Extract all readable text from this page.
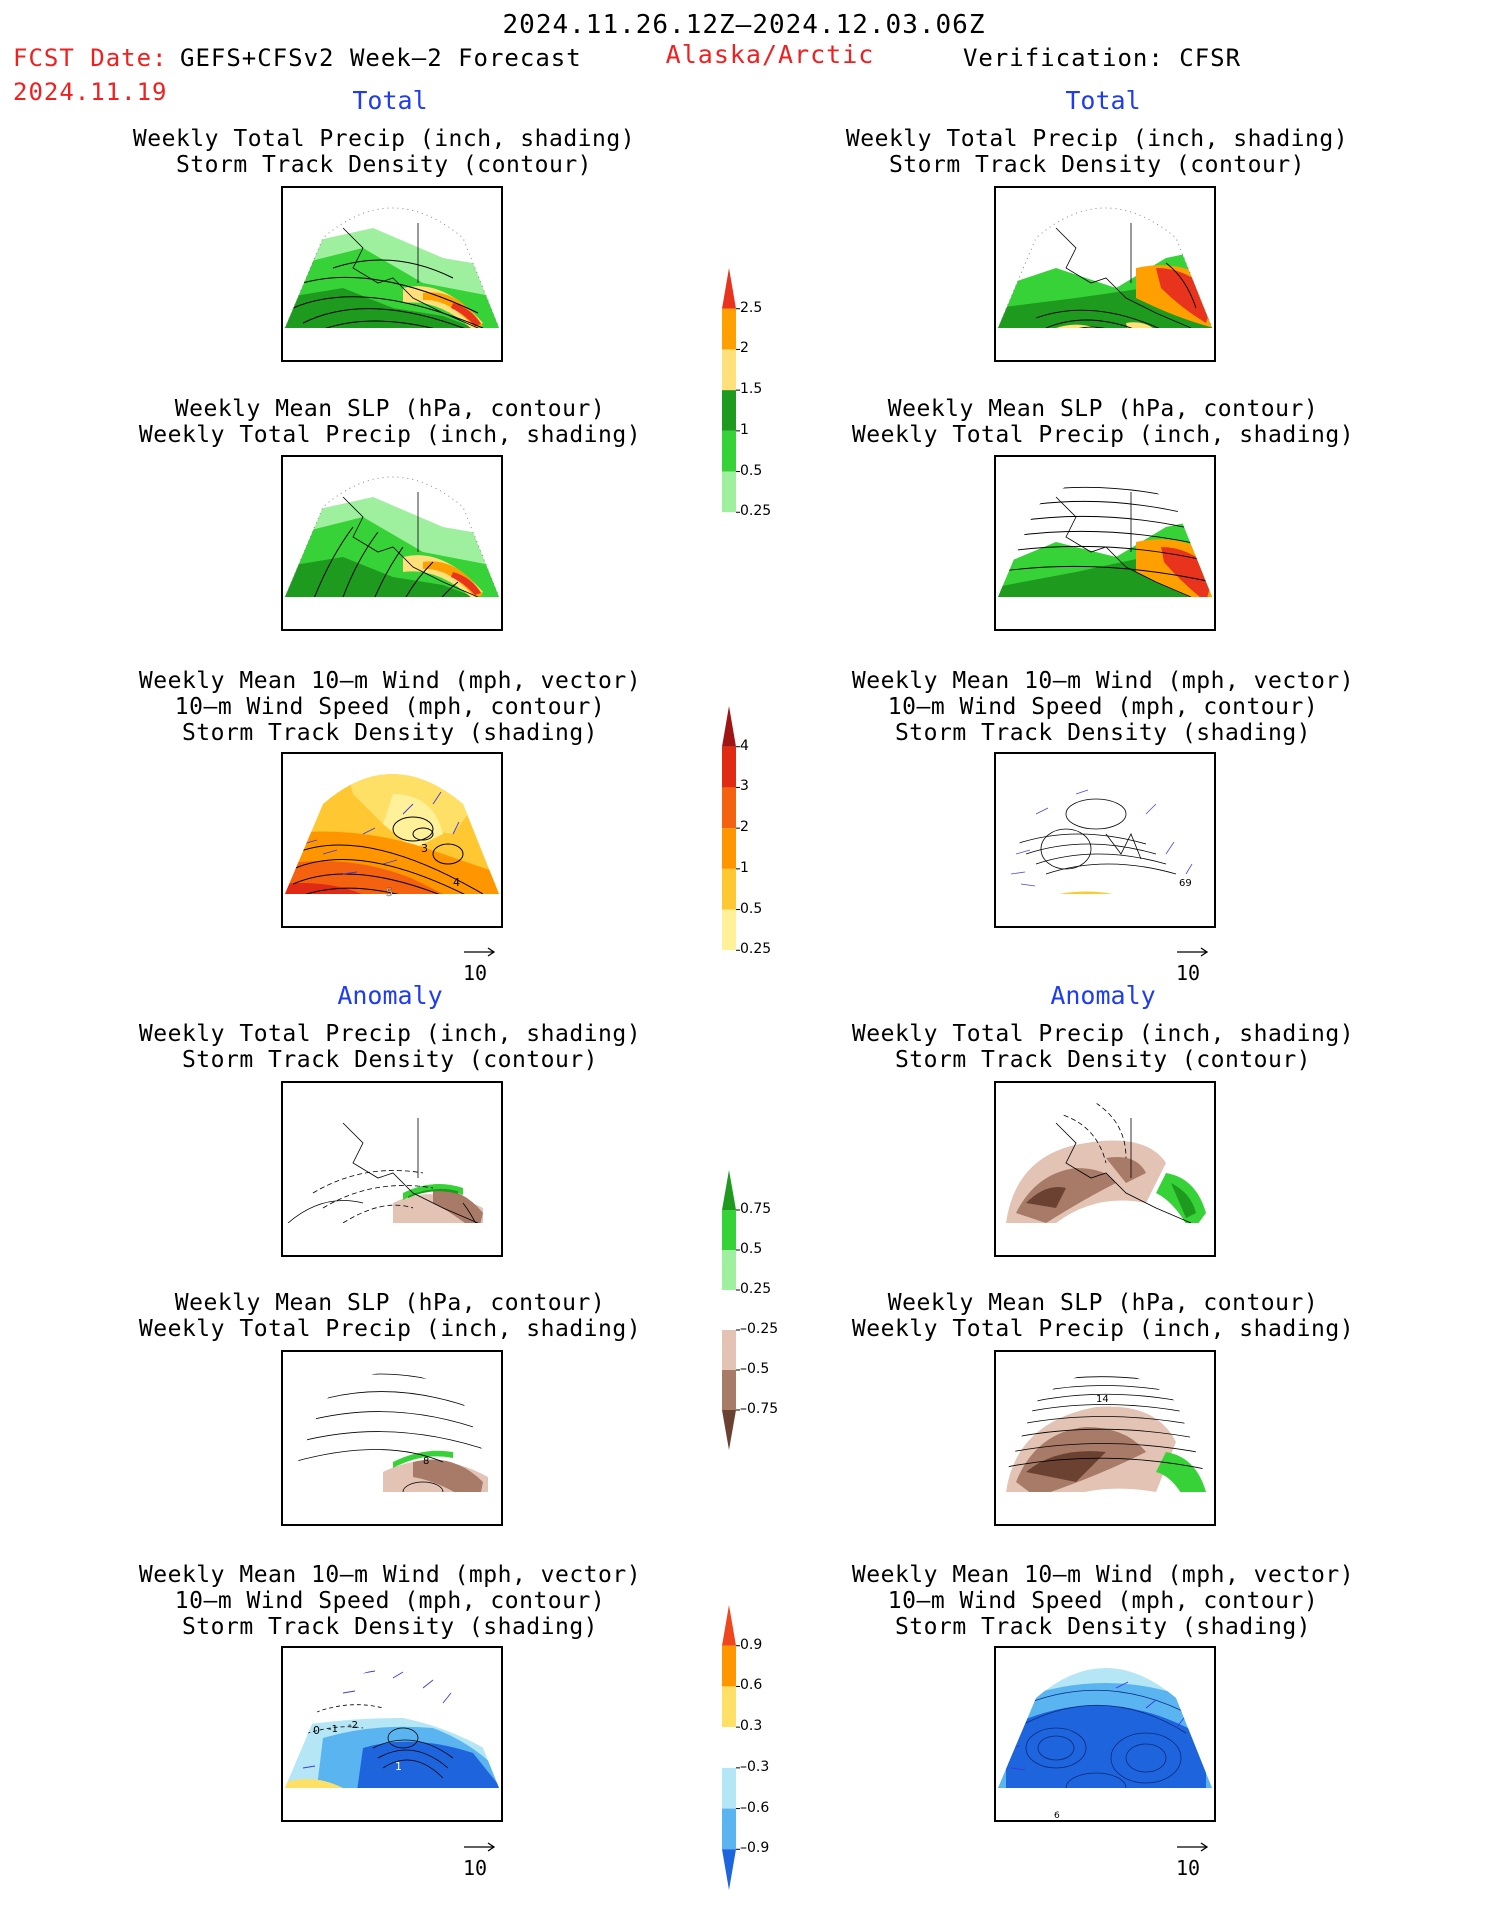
2024.11.26.12Z–2024.12.03.06Z
FCST Date: GEFS+CFSv2 Week–2 Forecast
2024.11.19
Alaska/Arctic	Verification: CFSR
Total	Total
Anomaly	Anomaly
Weekly Total Precip (inch, shading)
Storm Track Density (contour)
Weekly Total Precip (inch, shading)
Storm Track Density (contour)
Weekly Mean SLP (hPa, contour)
Weekly Total Precip (inch, shading)
Weekly Mean SLP (hPa, contour)
Weekly Total Precip (inch, shading)
Weekly Mean 10–m Wind (mph, vector)
10–m Wind Speed (mph, contour)
Storm Track Density (shading)
Weekly Mean 10–m Wind (mph, vector)
10–m Wind Speed (mph, contour)
Storm Track Density (shading)
Weekly Total Precip (inch, shading)
Storm Track Density (contour)
Weekly Total Precip (inch, shading)
Storm Track Density (contour)
Weekly Mean SLP (hPa, contour)
Weekly Total Precip (inch, shading)
Weekly Mean SLP (hPa, contour)
Weekly Total Precip (inch, shading)
Weekly Mean 10–m Wind (mph, vector)
10–m Wind Speed (mph, contour)
Storm Track Density (shading)
Weekly Mean 10–m Wind (mph, vector)
10–m Wind Speed (mph, contour)
Storm Track Density (shading)
5
4
3
69
8
14
1
0
0 -1 -2
6
10	10
10	10
2.5
2
1.5
1
0.5
0.25
4
3
2
1
0.5
0.25
0.75
0.5
0.25
–0.25
–0.5
–0.75
0.9
0.6
0.3
–0.3
–0.6
–0.9
